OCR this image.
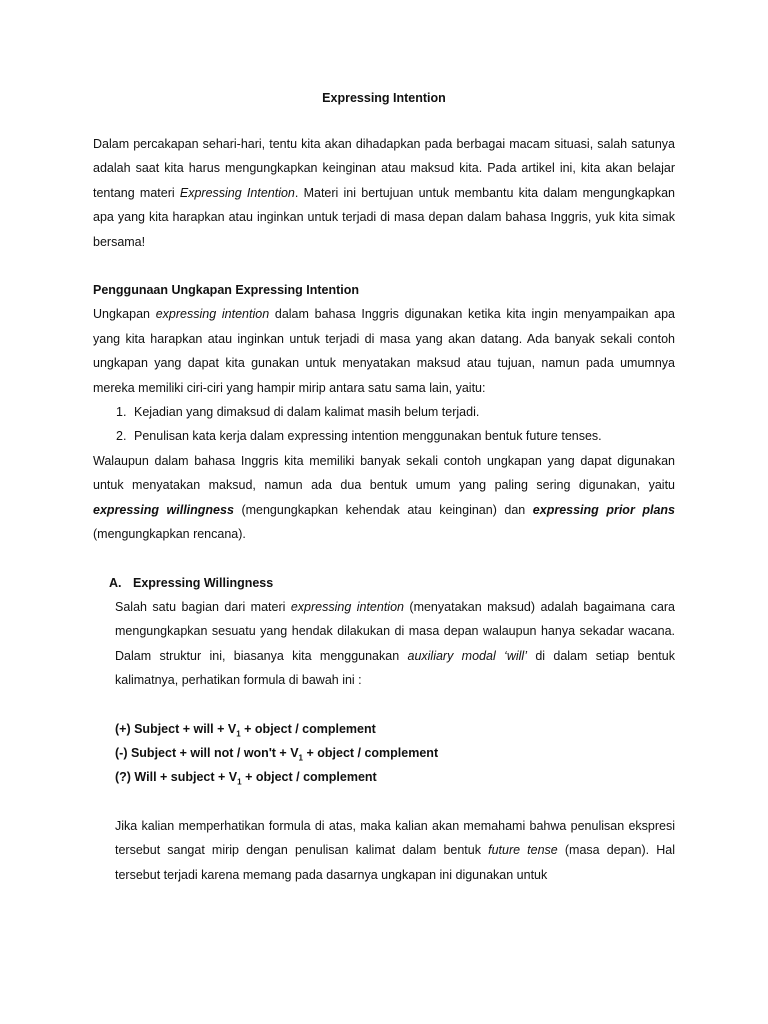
Expressing Intention

Dalam percakapan sehari-hari, tentu kita akan dihadapkan pada berbagai macam situasi, salah satunya adalah saat kita harus mengungkapkan keinginan atau maksud kita. Pada artikel ini, kita akan belajar tentang materi Expressing Intention. Materi ini bertujuan untuk membantu kita dalam mengungkapkan apa yang kita harapkan atau inginkan untuk terjadi di masa depan dalam bahasa Inggris, yuk kita simak bersama!

Penggunaan Ungkapan Expressing Intention

Ungkapan expressing intention dalam bahasa Inggris digunakan ketika kita ingin menyampaikan apa yang kita harapkan atau inginkan untuk terjadi di masa yang akan datang. Ada banyak sekali contoh ungkapan yang dapat kita gunakan untuk menyatakan maksud atau tujuan, namun pada umumnya mereka memiliki ciri-ciri yang hampir mirip antara satu sama lain, yaitu:

1. Kejadian yang dimaksud di dalam kalimat masih belum terjadi.
2. Penulisan kata kerja dalam expressing intention menggunakan bentuk future tenses.

Walaupun dalam bahasa Inggris kita memiliki banyak sekali contoh ungkapan yang dapat digunakan untuk menyatakan maksud, namun ada dua bentuk umum yang paling sering digunakan, yaitu expressing willingness (mengungkapkan kehendak atau keinginan) dan expressing prior plans (mengungkapkan rencana).

A. Expressing Willingness

Salah satu bagian dari materi expressing intention (menyatakan maksud) adalah bagaimana cara mengungkapkan sesuatu yang hendak dilakukan di masa depan walaupun hanya sekadar wacana. Dalam struktur ini, biasanya kita menggunakan auxiliary modal ‘will’ di dalam setiap bentuk kalimatnya, perhatikan formula di bawah ini :

(+) Subject + will + $V_1$ + object / complement

(-) Subject + will not / $won't + V_1$ + object / complement

(?) Will + subject + $V_1$ + object / complement

Jika kalian memperhatikan formula di atas, maka kalian akan memahami bahwa penulisan ekspresi tersebut sangat mirip dengan penulisan kalimat dalam bentuk future tense (masa depan). Hal tersebut terjadi karena memang pada dasarnya ungkapan ini digunakan untuk
